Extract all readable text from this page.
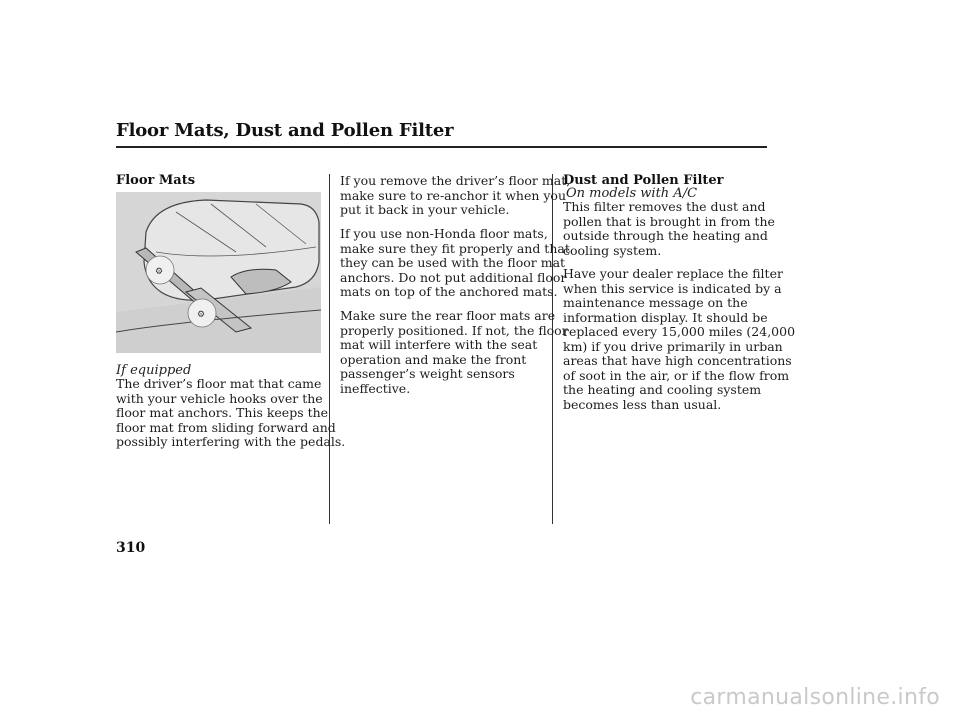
Floor Mats, Dust and Pollen Filter
Floor Mats
⚙
⚙
If equipped

The driver’s floor mat that came
with your vehicle hooks over the
floor mat anchors. This keeps the
floor mat from sliding forward and
possibly interfering with the pedals.

If you remove the driver’s floor mat,
make sure to re-anchor it when you
put it back in your vehicle.

If you use non-Honda floor mats,
make sure they fit properly and that
they can be used with the floor mat
anchors. Do not put additional floor
mats on top of the anchored mats.

Make sure the rear floor mats are
properly positioned. If not, the floor
mat will interfere with the seat
operation and make the front
passenger’s weight sensors
ineffective.

Dust and Pollen Filter
On models with A/C

This filter removes the dust and
pollen that is brought in from the
outside through the heating and
cooling system.

Have your dealer replace the filter
when this service is indicated by a
maintenance message on the
information display. It should be
replaced every 15,000 miles (24,000
km) if you drive primarily in urban
areas that have high concentrations
of soot in the air, or if the flow from
the heating and cooling system
becomes less than usual.

310
carmanualsonline.info
